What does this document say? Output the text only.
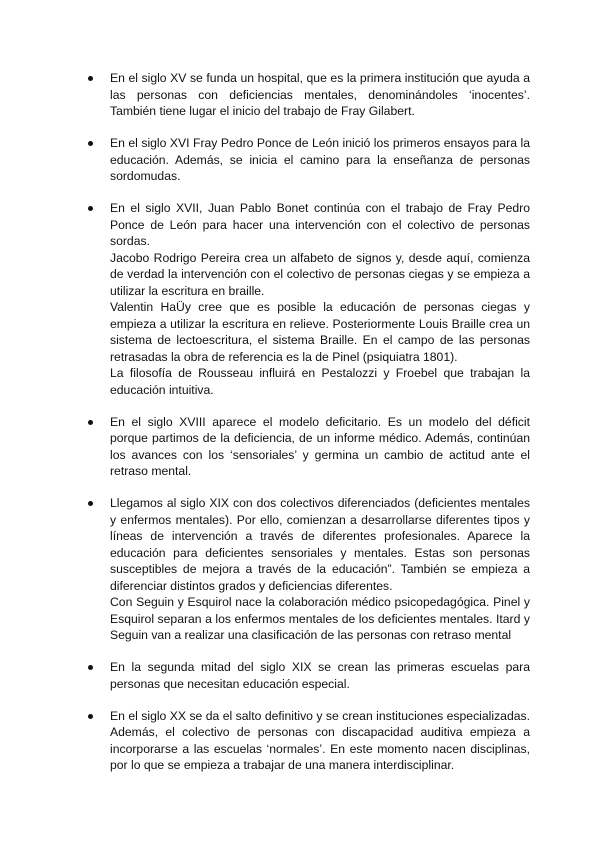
En el siglo XV se funda un hospital, que es la primera institución que ayuda a las personas con deficiencias mentales, denominándoles ‘inocentes’. También tiene lugar el inicio del trabajo de Fray Gilabert.

En el siglo XVI Fray Pedro Ponce de León inició los primeros ensayos para la educación. Además, se inicia el camino para la enseñanza de personas sordomudas.

En el siglo XVII, Juan Pablo Bonet continúa con el trabajo de Fray Pedro Ponce de León para hacer una intervención con el colectivo de personas sordas.

Jacobo Rodrigo Pereira crea un alfabeto de signos y, desde aquí, comienza de verdad la intervención con el colectivo de personas ciegas y se empieza a utilizar la escritura en braille.

Valentin HaÜy cree que es posible la educación de personas ciegas y empieza a utilizar la escritura en relieve. Posteriormente Louis Braille crea un sistema de lectoescritura, el sistema Braille. En el campo de las personas retrasadas la obra de referencia es la de Pinel (psiquiatra 1801).

La filosofía de Rousseau influirá en Pestalozzi y Froebel que trabajan la educación intuitiva.

En el siglo XVIII aparece el modelo deficitario. Es un modelo del déficit porque partimos de la deficiencia, de un informe médico. Además, continúan los avances con los ‘sensoriales’ y germina un cambio de actitud ante el retraso mental.

Llegamos al siglo XIX con dos colectivos diferenciados (deficientes mentales y enfermos mentales). Por ello, comienzan a desarrollarse diferentes tipos y líneas de intervención a través de diferentes profesionales. Aparece la educación para deficientes sensoriales y mentales. Estas son personas susceptibles de mejora a través de la educación”. También se empieza a diferenciar distintos grados y deficiencias diferentes.

Con Seguin y Esquirol nace la colaboración médico psicopedagógica. Pinel y Esquirol separan a los enfermos mentales de los deficientes mentales. Itard y Seguin van a realizar una clasificación de las personas con retraso mental

En la segunda mitad del siglo XIX se crean las primeras escuelas para personas que necesitan educación especial.

En el siglo XX se da el salto definitivo y se crean instituciones especializadas. Además, el colectivo de personas con discapacidad auditiva empieza a incorporarse a las escuelas ‘normales’. En este momento nacen disciplinas, por lo que se empieza a trabajar de una manera interdisciplinar.
